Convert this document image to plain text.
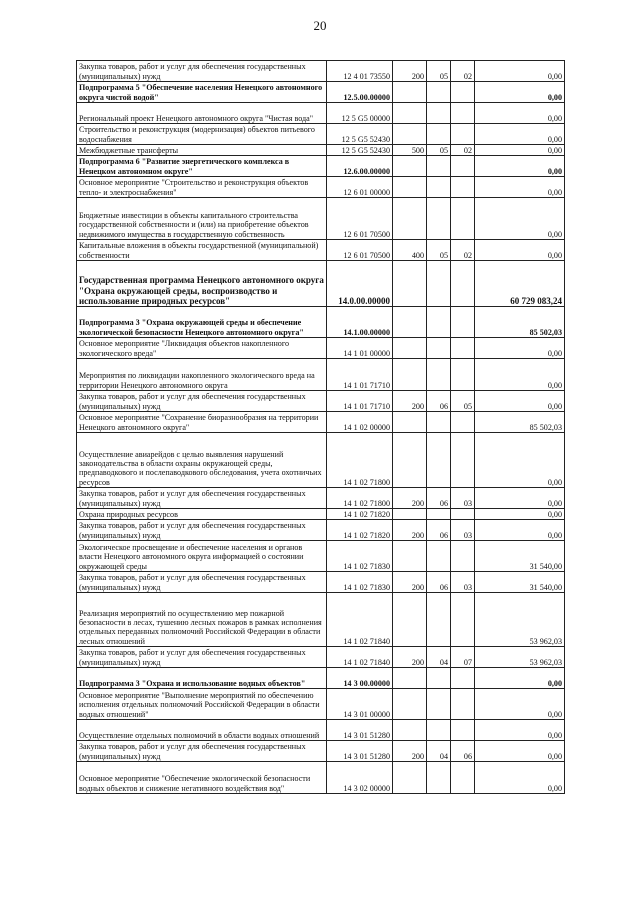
20
Закупка товаров, работ и услуг для обеспечения государственных (муниципальных) нужд	12 4 01 73550	200	05	02	0,00
Подпрограмма 5 "Обеспечение населения Ненецкого автономного округа чистой водой"	12.5.00.00000				0,00
Региональный проект Ненецкого автономного округа "Чистая вода"	12 5 G5 00000				0,00
Строительство и реконструкция (модернизация) объектов питьевого водоснабжения	12 5 G5 52430				0,00
Межбюджетные трансферты	12 5 G5 52430	500	05	02	0,00
Подпрограмма 6 "Развитие энергетического комплекса в Ненецком автономном округе"	12.6.00.00000				0,00
Основное мероприятие "Строительство и реконструкция объектов тепло- и электроснабжения"	12 6 01 00000				0,00
Бюджетные инвестиции в объекты капитального строительства государственной собственности и (или) на приобретение объектов недвижимого имущества в государственную собственность	12 6 01 70500				0,00
Капитальные вложения в объекты государственной (муниципальной) собственности	12 6 01 70500	400	05	02	0,00
Государственная программа Ненецкого автономного округа "Охрана окружающей среды, воспроизводство и использование природных ресурсов"	14.0.00.00000				60 729 083,24
Подпрограмма 3 "Охрана окружающей среды и обеспечение экологической безопасности Ненецкого автономного округа"	14.1.00.00000				85 502,03
Основное мероприятие "Ликвидация объектов накопленного экологического вреда"	14 1 01 00000				0,00
Мероприятия по ликвидации накопленного экологического вреда на территории Ненецкого автономного округа	14 1 01 71710				0,00
Закупка товаров, работ и услуг для обеспечения государственных (муниципальных) нужд	14 1 01 71710	200	06	05	0,00
Основное мероприятие "Сохранение биоразнообразия на территории Ненецкого автономного округа"	14 1 02 00000				85 502,03
Осуществление авиарейдов с целью выявления нарушений законодательства в области охраны окружающей среды, предпаводкового и послепаводкового обследования, учета охотничьих ресурсов	14 1 02 71800				0,00
Закупка товаров, работ и услуг для обеспечения государственных (муниципальных) нужд	14 1 02 71800	200	06	03	0,00
Охрана природных ресурсов	14 1 02 71820				0,00
Закупка товаров, работ и услуг для обеспечения государственных (муниципальных) нужд	14 1 02 71820	200	06	03	0,00
Экологическое просвещение и обеспечение населения и органов власти Ненецкого автономного округа информацией о состоянии окружающей среды	14 1 02 71830				31 540,00
Закупка товаров, работ и услуг для обеспечения государственных (муниципальных) нужд	14 1 02 71830	200	06	03	31 540,00
Реализация мероприятий по осуществлению мер пожарной безопасности в лесах, тушению лесных пожаров в рамках исполнения отдельных переданных полномочий Российской Федерации в области лесных отношений	14 1 02 71840				53 962,03
Закупка товаров, работ и услуг для обеспечения государственных (муниципальных) нужд	14 1 02 71840	200	04	07	53 962,03
Подпрограмма 3 "Охрана и использование водных объектов"	14 3 00.00000				0,00
Основное мероприятие "Выполнение мероприятий по обеспечению исполнения отдельных полномочий Российской Федерации в области водных отношений"	14 3 01 00000				0,00
Осуществление отдельных полномочий в области водных отношений	14 3 01 51280				0,00
Закупка товаров, работ и услуг для обеспечения государственных (муниципальных) нужд	14 3 01 51280	200	04	06	0,00
Основное мероприятие "Обеспечение экологической безопасности водных объектов и снижение негативного воздействия вод"	14 3 02 00000				0,00
